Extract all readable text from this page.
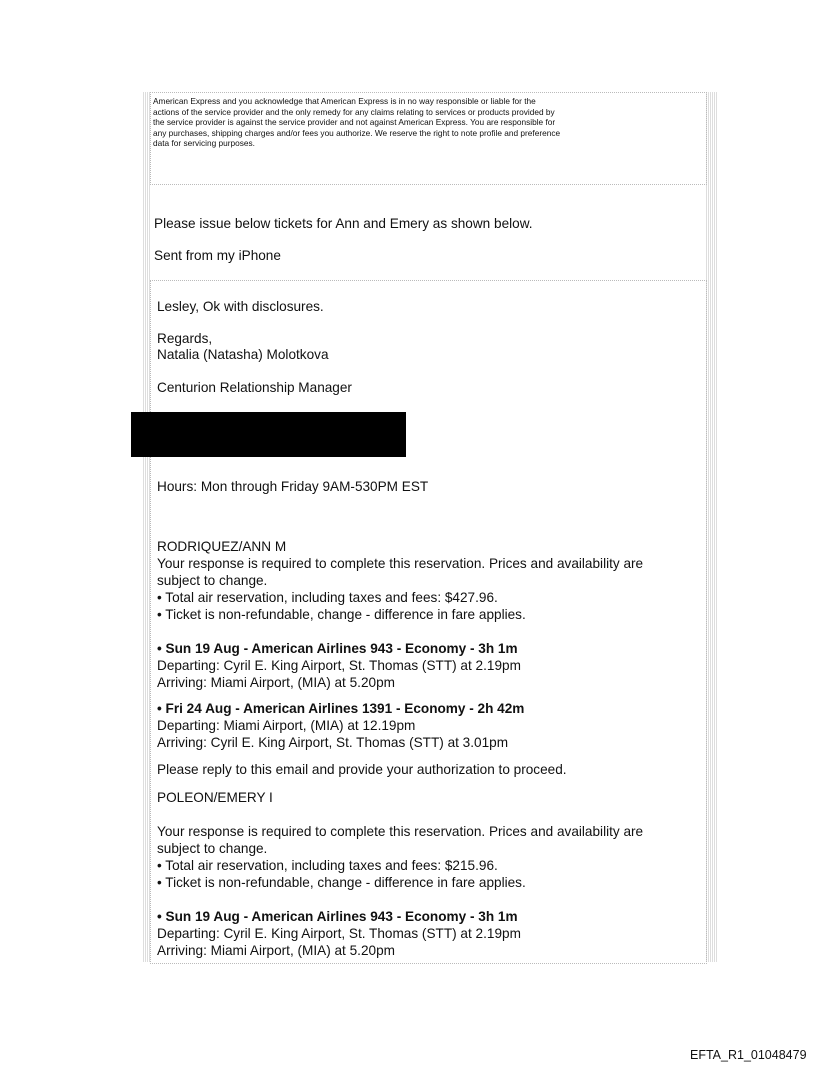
American Express and you acknowledge that American Express is in no way responsible or liable for the
actions of the service provider and the only remedy for any claims relating to services or products provided by
the service provider is against the service provider and not against American Express. You are responsible for
any purchases, shipping charges and/or fees you authorize. We reserve the right to note profile and preference
data for servicing purposes.
Please issue below tickets for Ann and Emery as shown below.
Sent from my iPhone
Lesley, Ok with disclosures.
Regards,
Natalia (Natasha) Molotkova
Centurion Relationship Manager
Hours: Mon through Friday 9AM-530PM EST
RODRIQUEZ/ANN M
Your response is required to complete this reservation. Prices and availability are
subject to change.
• Total air reservation, including taxes and fees: $427.96.
• Ticket is non-refundable, change - difference in fare applies.
• Sun 19 Aug - American Airlines 943 - Economy - 3h 1m
Departing: Cyril E. King Airport, St. Thomas (STT) at 2.19pm
Arriving: Miami Airport, (MIA) at 5.20pm
• Fri 24 Aug - American Airlines 1391 - Economy - 2h 42m
Departing: Miami Airport, (MIA) at 12.19pm
Arriving: Cyril E. King Airport, St. Thomas (STT) at 3.01pm
Please reply to this email and provide your authorization to proceed.
POLEON/EMERY I
Your response is required to complete this reservation. Prices and availability are
subject to change.
• Total air reservation, including taxes and fees: $215.96.
• Ticket is non-refundable, change - difference in fare applies.
• Sun 19 Aug - American Airlines 943 - Economy - 3h 1m
Departing: Cyril E. King Airport, St. Thomas (STT) at 2.19pm
Arriving: Miami Airport, (MIA) at 5.20pm
EFTA_R1_01048479
